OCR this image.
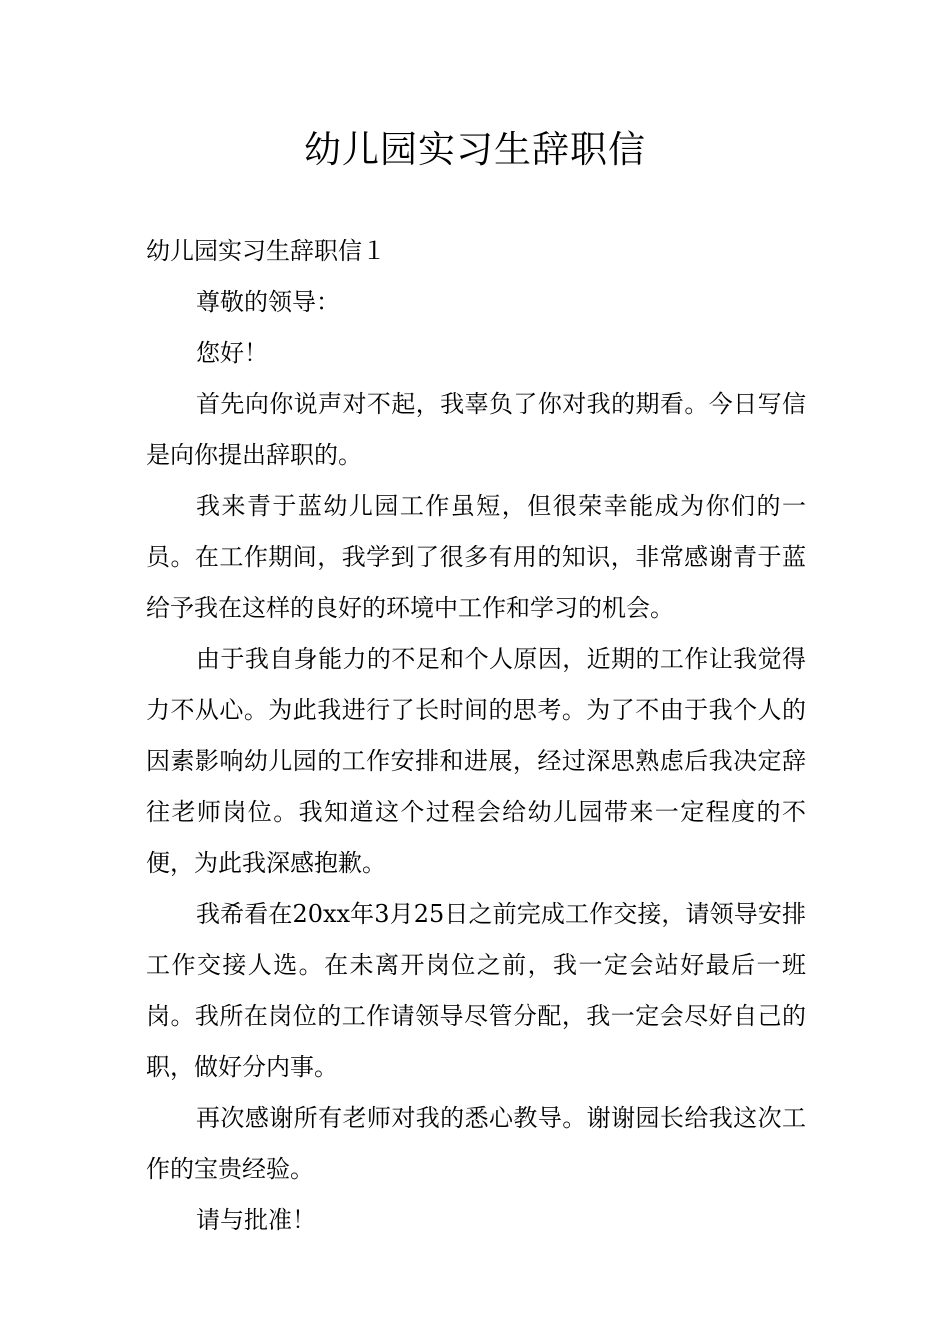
幼儿园实习生辞职信

幼儿园实习生辞职信１

尊敬的领导：

您好！

首先向你说声对不起，我辜负了你对我的期看。今日写信是向你提出辞职的。

我来青于蓝幼儿园工作虽短，但很荣幸能成为你们的一员。在工作期间，我学到了很多有用的知识，非常感谢青于蓝给予我在这样的良好的环境中工作和学习的机会。

由于我自身能力的不足和个人原因，近期的工作让我觉得力不从心。为此我进行了长时间的思考。为了不由于我个人的因素影响幼儿园的工作安排和进展，经过深思熟虑后我决定辞往老师岗位。我知道这个过程会给幼儿园带来一定程度的不便，为此我深感抱歉。

我希看在20xx年3月25日之前完成工作交接，请领导安排工作交接人选。在未离开岗位之前，我一定会站好最后一班岗。我所在岗位的工作请领导尽管分配，我一定会尽好自己的职，做好分内事。

再次感谢所有老师对我的悉心教导。谢谢园长给我这次工作的宝贵经验。

请与批准！
